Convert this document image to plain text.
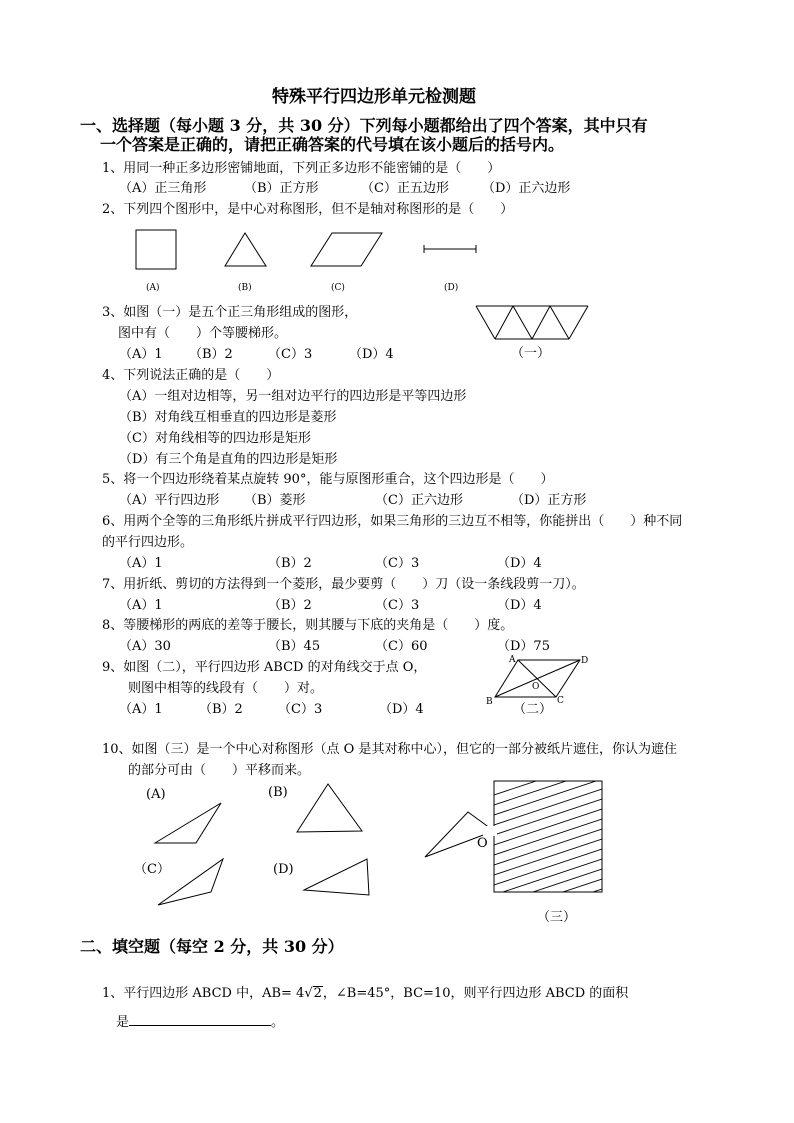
特殊平行四边形单元检测题
一、选择题（每小题 3 分，共 30 分）下列每小题都给出了四个答案，其中只有
一个答案是正确的，请把正确答案的代号填在该小题后的括号内。
1、用同一种正多边形密铺地面，下列正多边形不能密铺的是（　　）
（A）正三角形	（B）正方形	（C）正五边形	（D）正六边形
2、下列四个图形中，是中心对称图形，但不是轴对称图形的是（　　）
(A)	(B)	(C)	(D)
3、如图（一）是五个正三角形组成的图形，
图中有（　　）个等腰梯形。
（A）1 （B）2	（C）3	（D）4	（一）
4、下列说法正确的是（　　）
（A）一组对边相等，另一组对边平行的四边形是平等四边形
（B）对角线互相垂直的四边形是菱形
（C）对角线相等的四边形是矩形
（D）有三个角是直角的四边形是矩形
5、将一个四边形绕着某点旋转 90°，能与原图形重合，这个四边形是（　　）
（A）平行四边形 （B）菱形	（C）正六边形	（D）正方形
6、用两个全等的三角形纸片拼成平行四边形，如果三角形的三边互不相等，你能拼出（　　）种不同
的平行四边形。
（A）1	（B）2	（C）3	（D）4
7、用折纸、剪切的方法得到一个菱形，最少要剪（　　）刀（设一条线段剪一刀）。
（A）1	（B）2	（C）3	（D）4
8、等腰梯形的两底的差等于腰长，则其腰与下底的夹角是（　　）度。
（A）30	（B）45	（C）60	（D）75
9、如图（二），平行四边形 ABCD 的对角线交于点 O，
则图中相等的线段有（　　）对。
（A）1	（B）2	（C）3	（D）4
A
B	C
D
O
（二）
10、如图（三）是一个中心对称图形（点 O 是其对称中心），但它的一部分被纸片遮住，你认为遮住
的部分可由（　　）平移而来。
(A)	(B)
（C）	(D)
O
（三）
二、填空题（每空 2 分，共 30 分）
1、平行四边形 ABCD 中，AB= 4√2，∠B=45°，BC=10，则平行四边形 ABCD 的面积
是	。
